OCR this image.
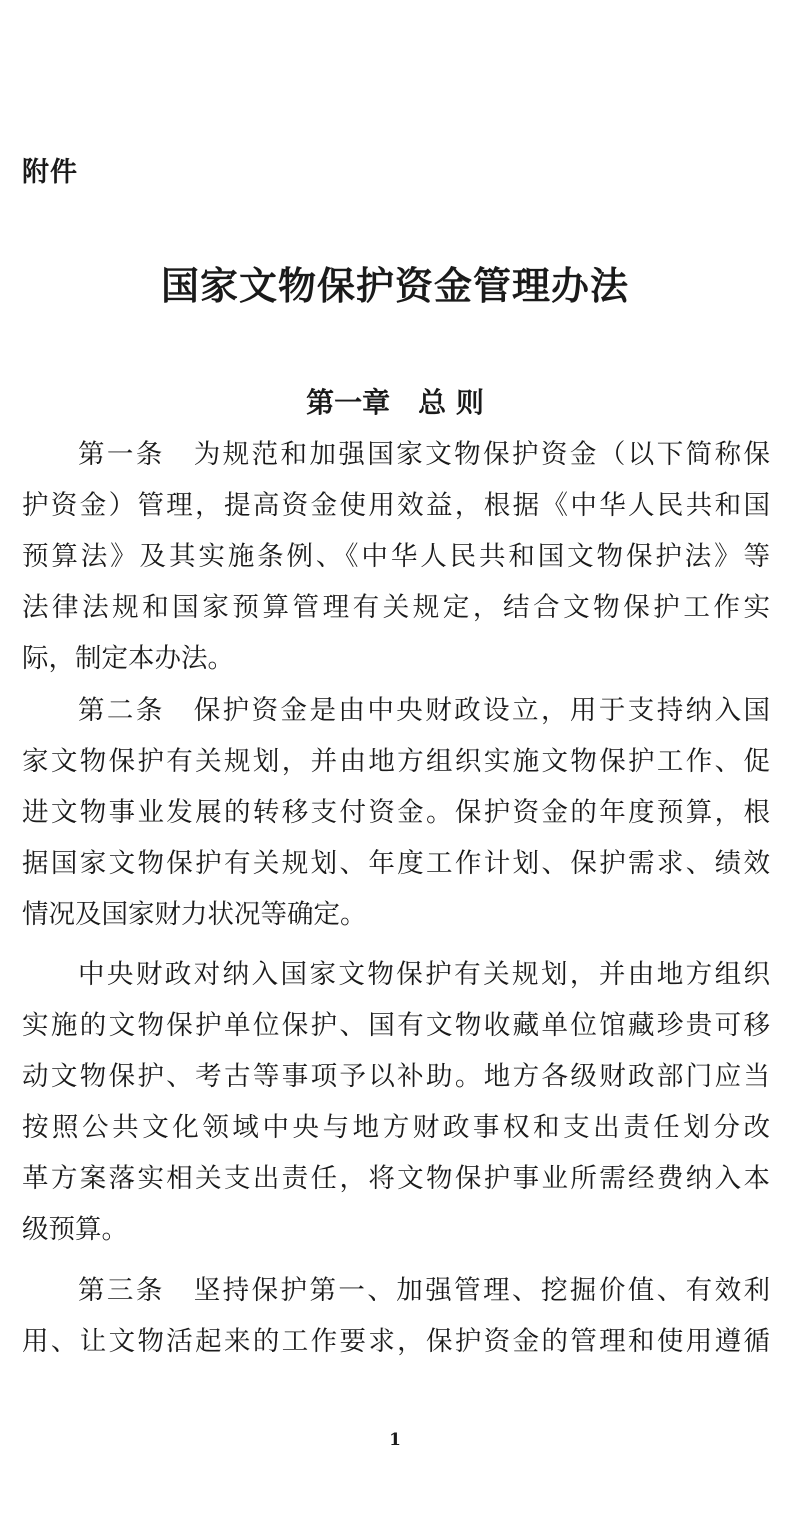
附件
国家文物保护资金管理办法
第一章 总 则
第一条　为规范和加强国家文物保护资金（以下简称保
护资金）管理，提高资金使用效益，根据《中华人民共和国
预算法》及其实施条例、《中华人民共和国文物保护法》等
法律法规和国家预算管理有关规定，结合文物保护工作实
际，制定本办法。
第二条　保护资金是由中央财政设立，用于支持纳入国
家文物保护有关规划，并由地方组织实施文物保护工作、促
进文物事业发展的转移支付资金。保护资金的年度预算，根
据国家文物保护有关规划、年度工作计划、保护需求、绩效
情况及国家财力状况等确定。
中央财政对纳入国家文物保护有关规划，并由地方组织
实施的文物保护单位保护、国有文物收藏单位馆藏珍贵可移
动文物保护、考古等事项予以补助。地方各级财政部门应当
按照公共文化领域中央与地方财政事权和支出责任划分改
革方案落实相关支出责任，将文物保护事业所需经费纳入本
级预算。
第三条　坚持保护第一、加强管理、挖掘价值、有效利
用、让文物活起来的工作要求，保护资金的管理和使用遵循
1
